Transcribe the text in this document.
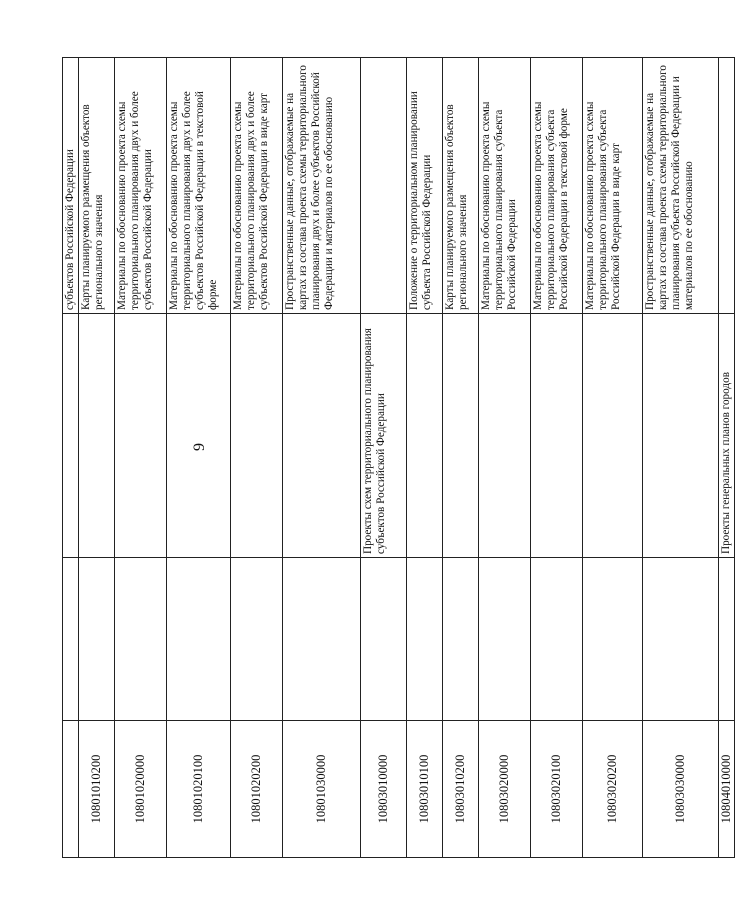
9
			субъектов Российской Федерации
10801010200			Карты планируемого размещения объектов регионального значения
10801020000			Материалы по обоснованию проекта схемы территориального планирования двух и более субъектов Российской Федерации
10801020100			Материалы по обоснованию проекта схемы территориального планирования двух и более субъектов Российской Федерации в текстовой форме
10801020200			Материалы по обоснованию проекта схемы территориального планирования двух и более субъектов Российской Федерации в виде карт
10801030000			Пространственные данные, отображаемые на картах из состава проекта схемы территориального планирования двух и более субъектов Российской Федерации и материалов по ее обоснованию
10803010000		Проекты схем территориального планирования субъектов Российской Федерации	
10803010100			Положение о территориальном планировании субъекта Российской Федерации
10803010200			Карты планируемого размещения объектов регионального значения
10803020000			Материалы по обоснованию проекта схемы территориального планирования субъекта Российской Федерации
10803020100			Материалы по обоснованию проекта схемы территориального планирования субъекта Российской Федерации в текстовой форме
10803020200			Материалы по обоснованию проекта схемы территориального планирования субъекта Российской Федерации в виде карт
10803030000			Пространственные данные, отображаемые на картах из состава проекта схемы территориального планирования субъекта Российской Федерации и материалов по ее обоснованию
10804010000		Проекты генеральных планов городов	
